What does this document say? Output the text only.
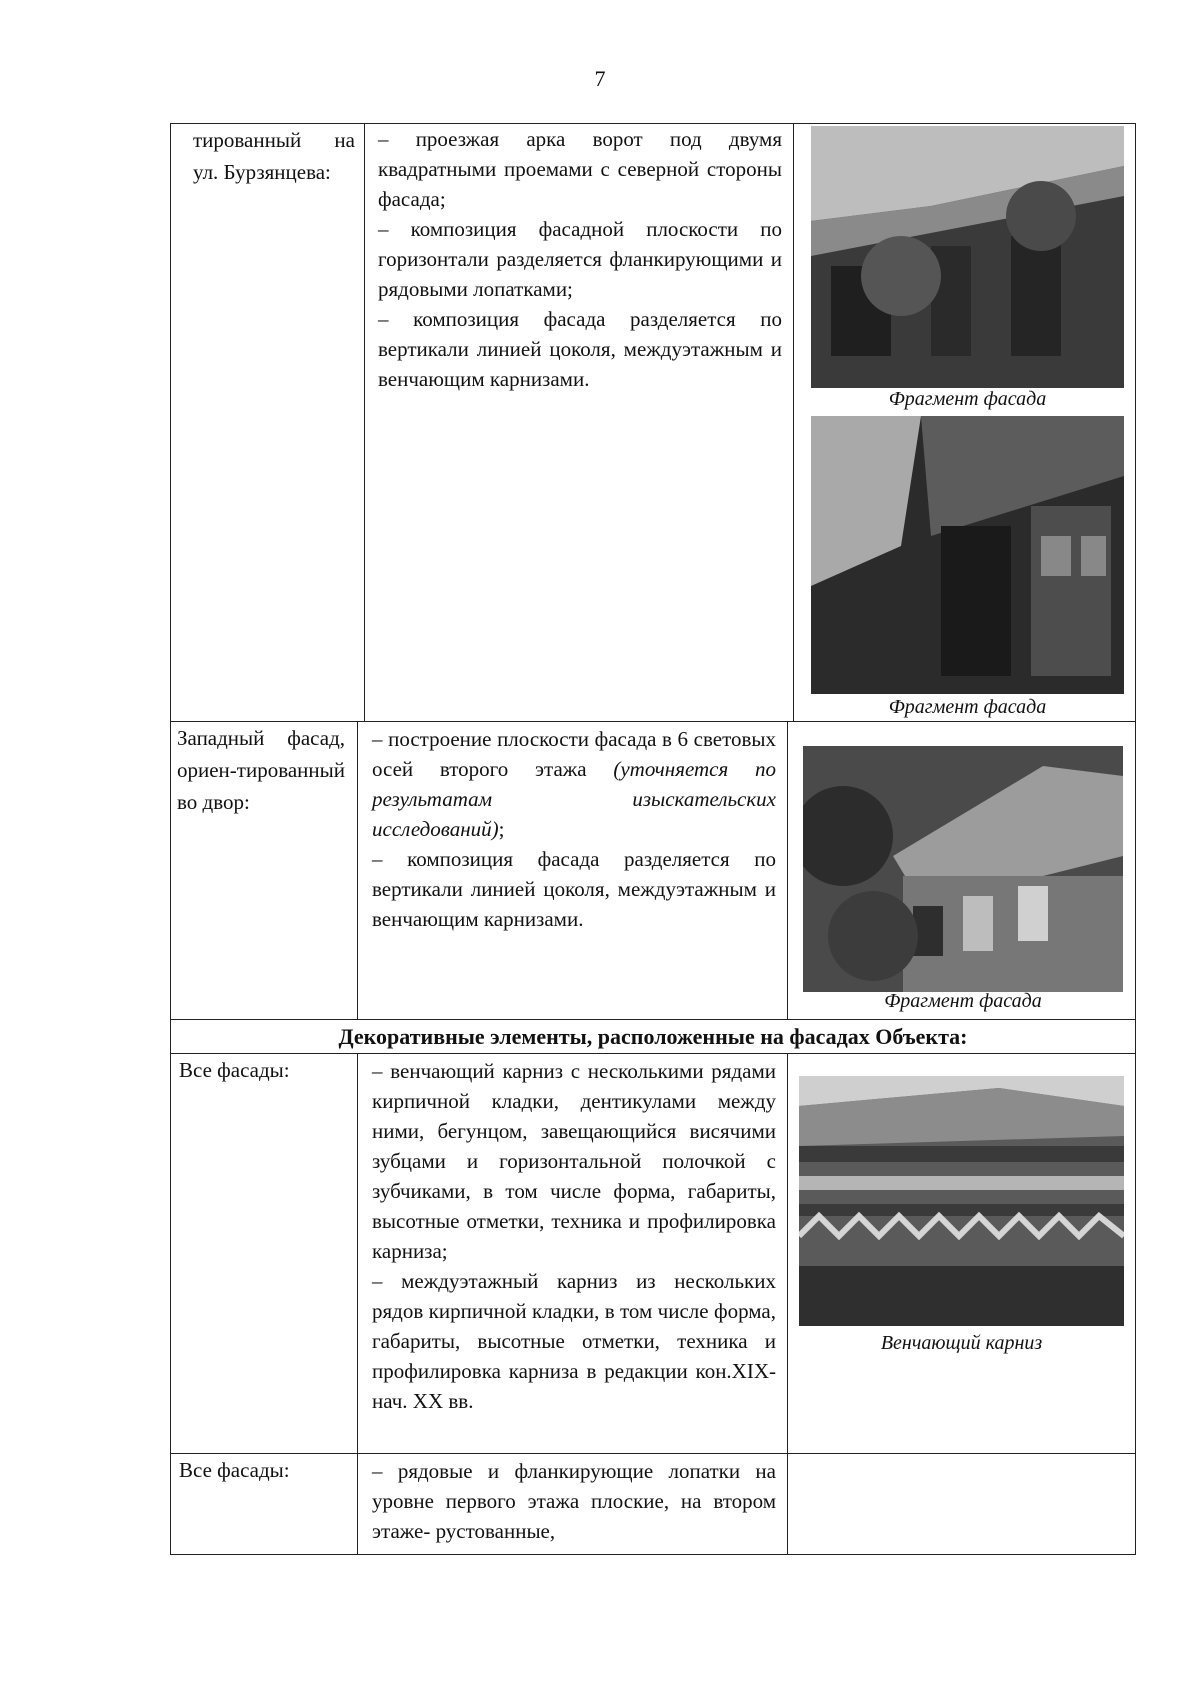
7
тированный на ул. Бурзянцева:

– проезжая арка ворот под двумя квадратными проемами с северной стороны фасада;

– композиция фасадной плоскости по горизонтали разделяется фланкирующими и рядовыми лопатками;

– композиция фасада разделяется по вертикали линией цоколя, междуэтажным и венчающим карнизами.

Фрагмент фасада
Фрагмент фасада
Западный фасад, ориен-тированный во двор:

– построение плоскости фасада в 6 световых осей второго этажа (уточняется по результатам изыскательских исследований);

– композиция фасада разделяется по вертикали линией цоколя, междуэтажным и венчающим карнизами.

Фрагмент фасада
Декоративные элементы, расположенные на фасадах Объекта:
Все фасады:	– венчающий карниз с несколькими рядами кирпичной кладки, дентикулами между ними, бегунцом, завещающийся висячими зубцами и горизонтальной полочкой с зубчиками, в том числе форма, габариты, высотные отметки, техника и профилировка карниза;

– междуэтажный карниз из нескольких рядов кирпичной кладки, в том числе форма, габариты, высотные отметки, техника и профилировка карниза в редакции кон.XIX- нач. XX вв.

Венчающий карниз
Все фасады:	– рядовые и фланкирующие лопатки на уровне первого этажа плоские, на втором этаже- рустованные,
